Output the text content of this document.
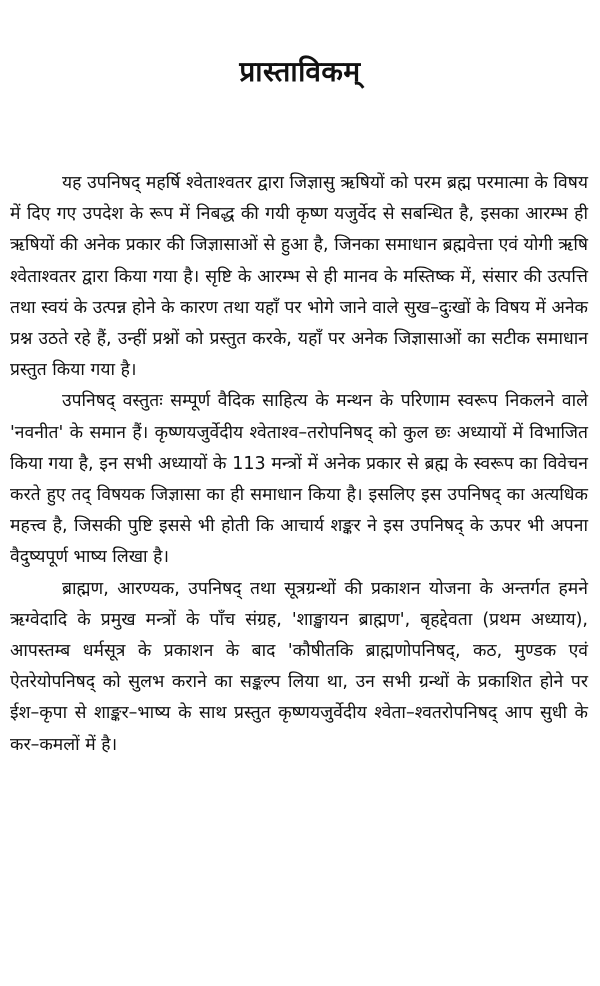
प्रास्ताविकम्

यह उपनिषद् महर्षि श्वेताश्वतर द्वारा जिज्ञासु ऋषियों को परम ब्रह्म परमात्मा के विषय में दिए गए उपदेश के रूप में निबद्ध की गयी कृष्ण यजुर्वेद से सबन्धित है, इसका आरम्भ ही ऋषियों की अनेक प्रकार की जिज्ञासाओं से हुआ है, जिनका समाधान ब्रह्मवेत्ता एवं योगी ऋषि श्वेताश्वतर द्वारा किया गया है। सृष्टि के आरम्भ से ही मानव के मस्तिष्क में, संसार की उत्पत्ति तथा स्वयं के उत्पन्न होने के कारण तथा यहाँ पर भोगे जाने वाले सुख–दुःखों के विषय में अनेक प्रश्न उठते रहे हैं, उन्हीं प्रश्नों को प्रस्तुत करके, यहाँ पर अनेक जिज्ञासाओं का सटीक समाधान प्रस्तुत किया गया है।

उपनिषद् वस्तुतः सम्पूर्ण वैदिक साहित्य के मन्थन के परिणाम स्वरूप निकलने वाले 'नवनीत' के समान हैं। कृष्णयजुर्वेदीय श्वेताश्व–तरोपनिषद् को कुल छः अध्यायों में विभाजित किया गया है, इन सभी अध्यायों के 113 मन्त्रों में अनेक प्रकार से ब्रह्म के स्वरूप का विवेचन करते हुए तद् विषयक जिज्ञासा का ही समाधान किया है। इसलिए इस उपनिषद् का अत्यधिक महत्त्व है, जिसकी पुष्टि इससे भी होती कि आचार्य शङ्कर ने इस उपनिषद् के ऊपर भी अपना वैदुष्यपूर्ण भाष्य लिखा है।

ब्राह्मण, आरण्यक, उपनिषद् तथा सूत्रग्रन्थों की प्रकाशन योजना के अन्तर्गत हमने ऋग्वेदादि के प्रमुख मन्त्रों के पाँच संग्रह, 'शाङ्खायन ब्राह्मण', बृहद्देवता (प्रथम अध्याय), आपस्तम्ब धर्मसूत्र के प्रकाशन के बाद 'कौषीतकि ब्राह्मणोपनिषद्, कठ, मुण्डक एवं ऐतरेयोपनिषद् को सुलभ कराने का सङ्कल्प लिया था, उन सभी ग्रन्थों के प्रकाशित होने पर ईश–कृपा से शाङ्कर–भाष्य के साथ प्रस्तुत कृष्णयजुर्वेदीय श्वेता–श्वतरोपनिषद् आप सुधी के कर–कमलों में है।
